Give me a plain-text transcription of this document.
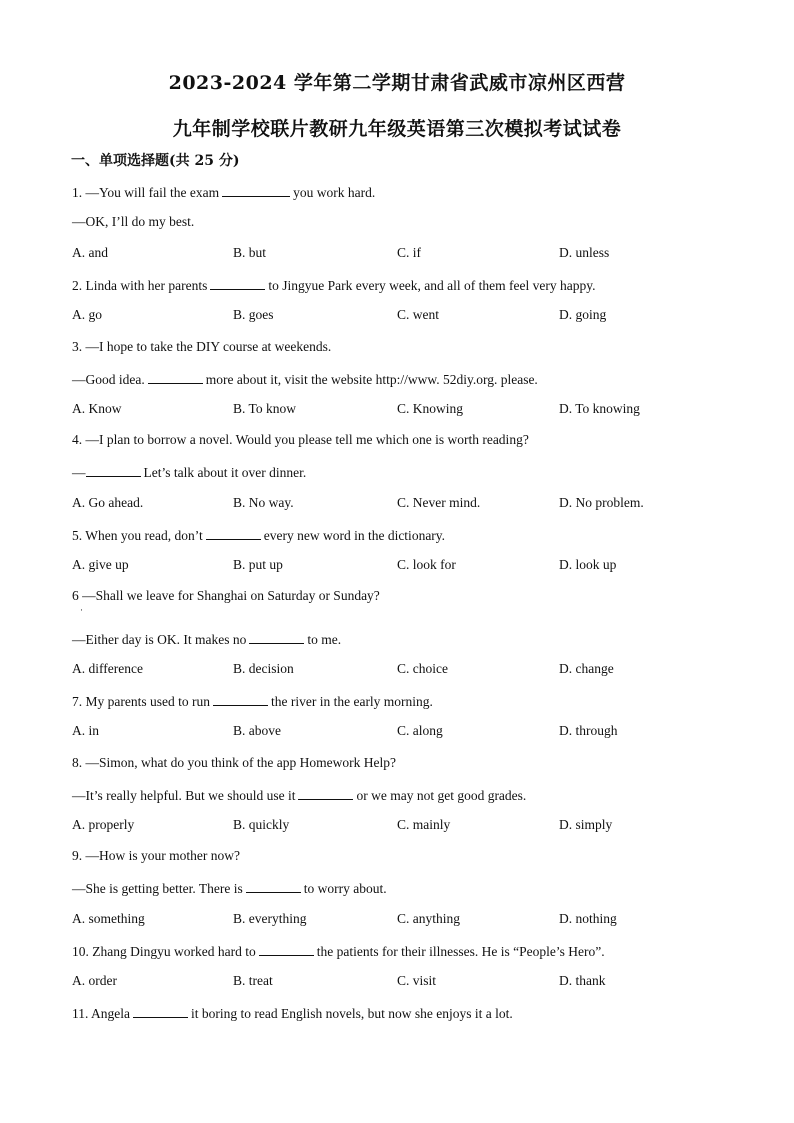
2023-2024 学年第二学期甘肃省武威市凉州区西营
九年制学校联片教研九年级英语第三次模拟考试试卷
一、单项选择题(共 25 分)
1. —You will fail the exam	you work hard.
—OK, I’ll do my best.
A. and	B. but	C. if	D. unless
2. Linda with her parents	to Jingyue Park every week, and all of them feel very happy.
A. go	B. goes	C. went	D. going
3. —I hope to take the DIY course at weekends.
—Good idea.	more about it, visit the website http://www. 52diy.org. please.
A. Know	B. To know	C. Knowing	D. To knowing
4. —I plan to borrow a novel. Would you please tell me which one is worth reading?
—	Let’s talk about it over dinner.
A. Go ahead.	B. No way.	C. Never mind.	D. No problem.
5. When you read, don’t	every new word in the dictionary.
A. give up	B. put up	C. look for	D. look up
6 —Shall we leave for Shanghai on Saturday or Sunday?
·
—Either day is OK. It makes no	to me.
A. difference	B. decision	C. choice	D. change
7. My parents used to run	the river in the early morning.
A. in	B. above	C. along	D. through
8. —Simon, what do you think of the app Homework Help?
—It’s really helpful. But we should use it	or we may not get good grades.
A. properly	B. quickly	C. mainly	D. simply
9. —How is your mother now?
—She is getting better. There is	to worry about.
A. something	B. everything	C. anything	D. nothing
10. Zhang Dingyu worked hard to	the patients for their illnesses. He is “People’s Hero”.
A. order	B. treat	C. visit	D. thank
11. Angela	it boring to read English novels, but now she enjoys it a lot.
